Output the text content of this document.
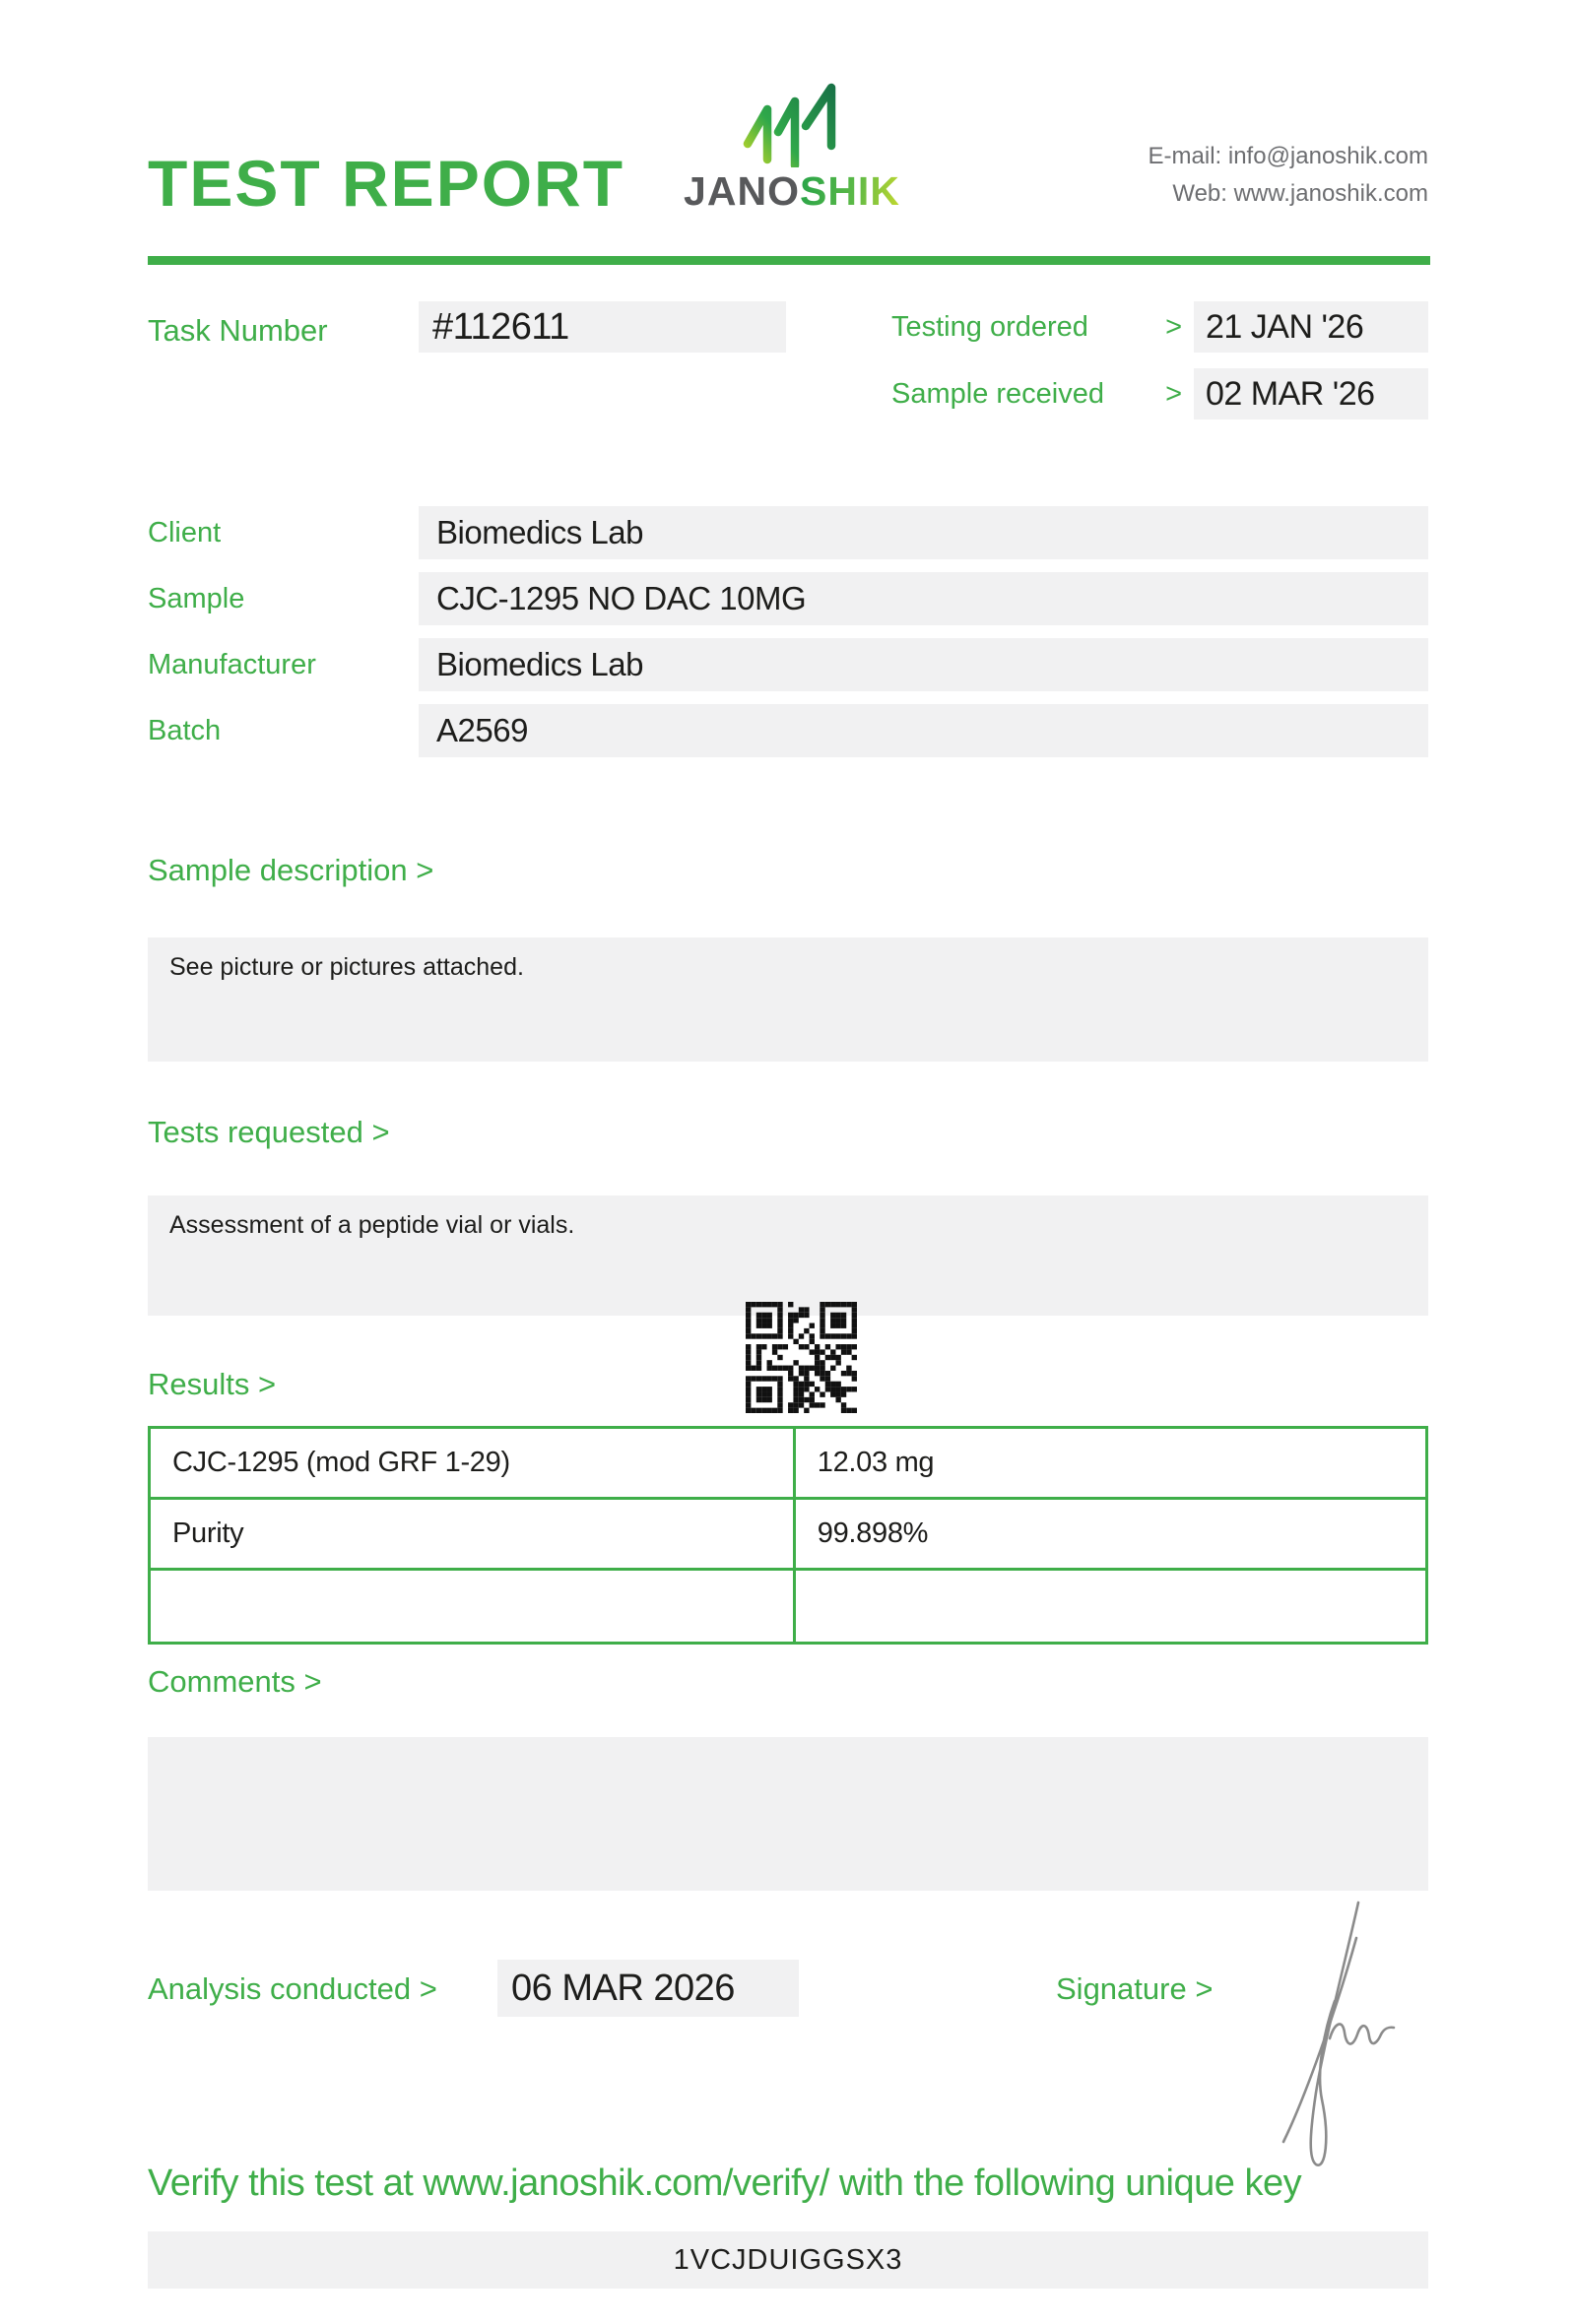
TEST REPORT JANOSHIK
E-mail: info@janoshik.com
Web: www.janoshik.com
Task Number	#112611	Testing ordered	> 21 JAN '26
Sample received > 02 MAR '26
Client	Biomedics Lab
Sample	CJC-1295 NO DAC 10MG
Manufacturer	Biomedics Lab
Batch	A2569
Sample description >
See picture or pictures attached.
Tests requested >
Assessment of a peptide vial or vials.
Results >
CJC-1295 (mod GRF 1-29)	12.03 mg
Purity	99.898%
Comments >
Analysis conducted >	06 MAR 2026	Signature >
Verify this test at www.janoshik.com/verify/ with the following unique key
1VCJDUIGGSX3
